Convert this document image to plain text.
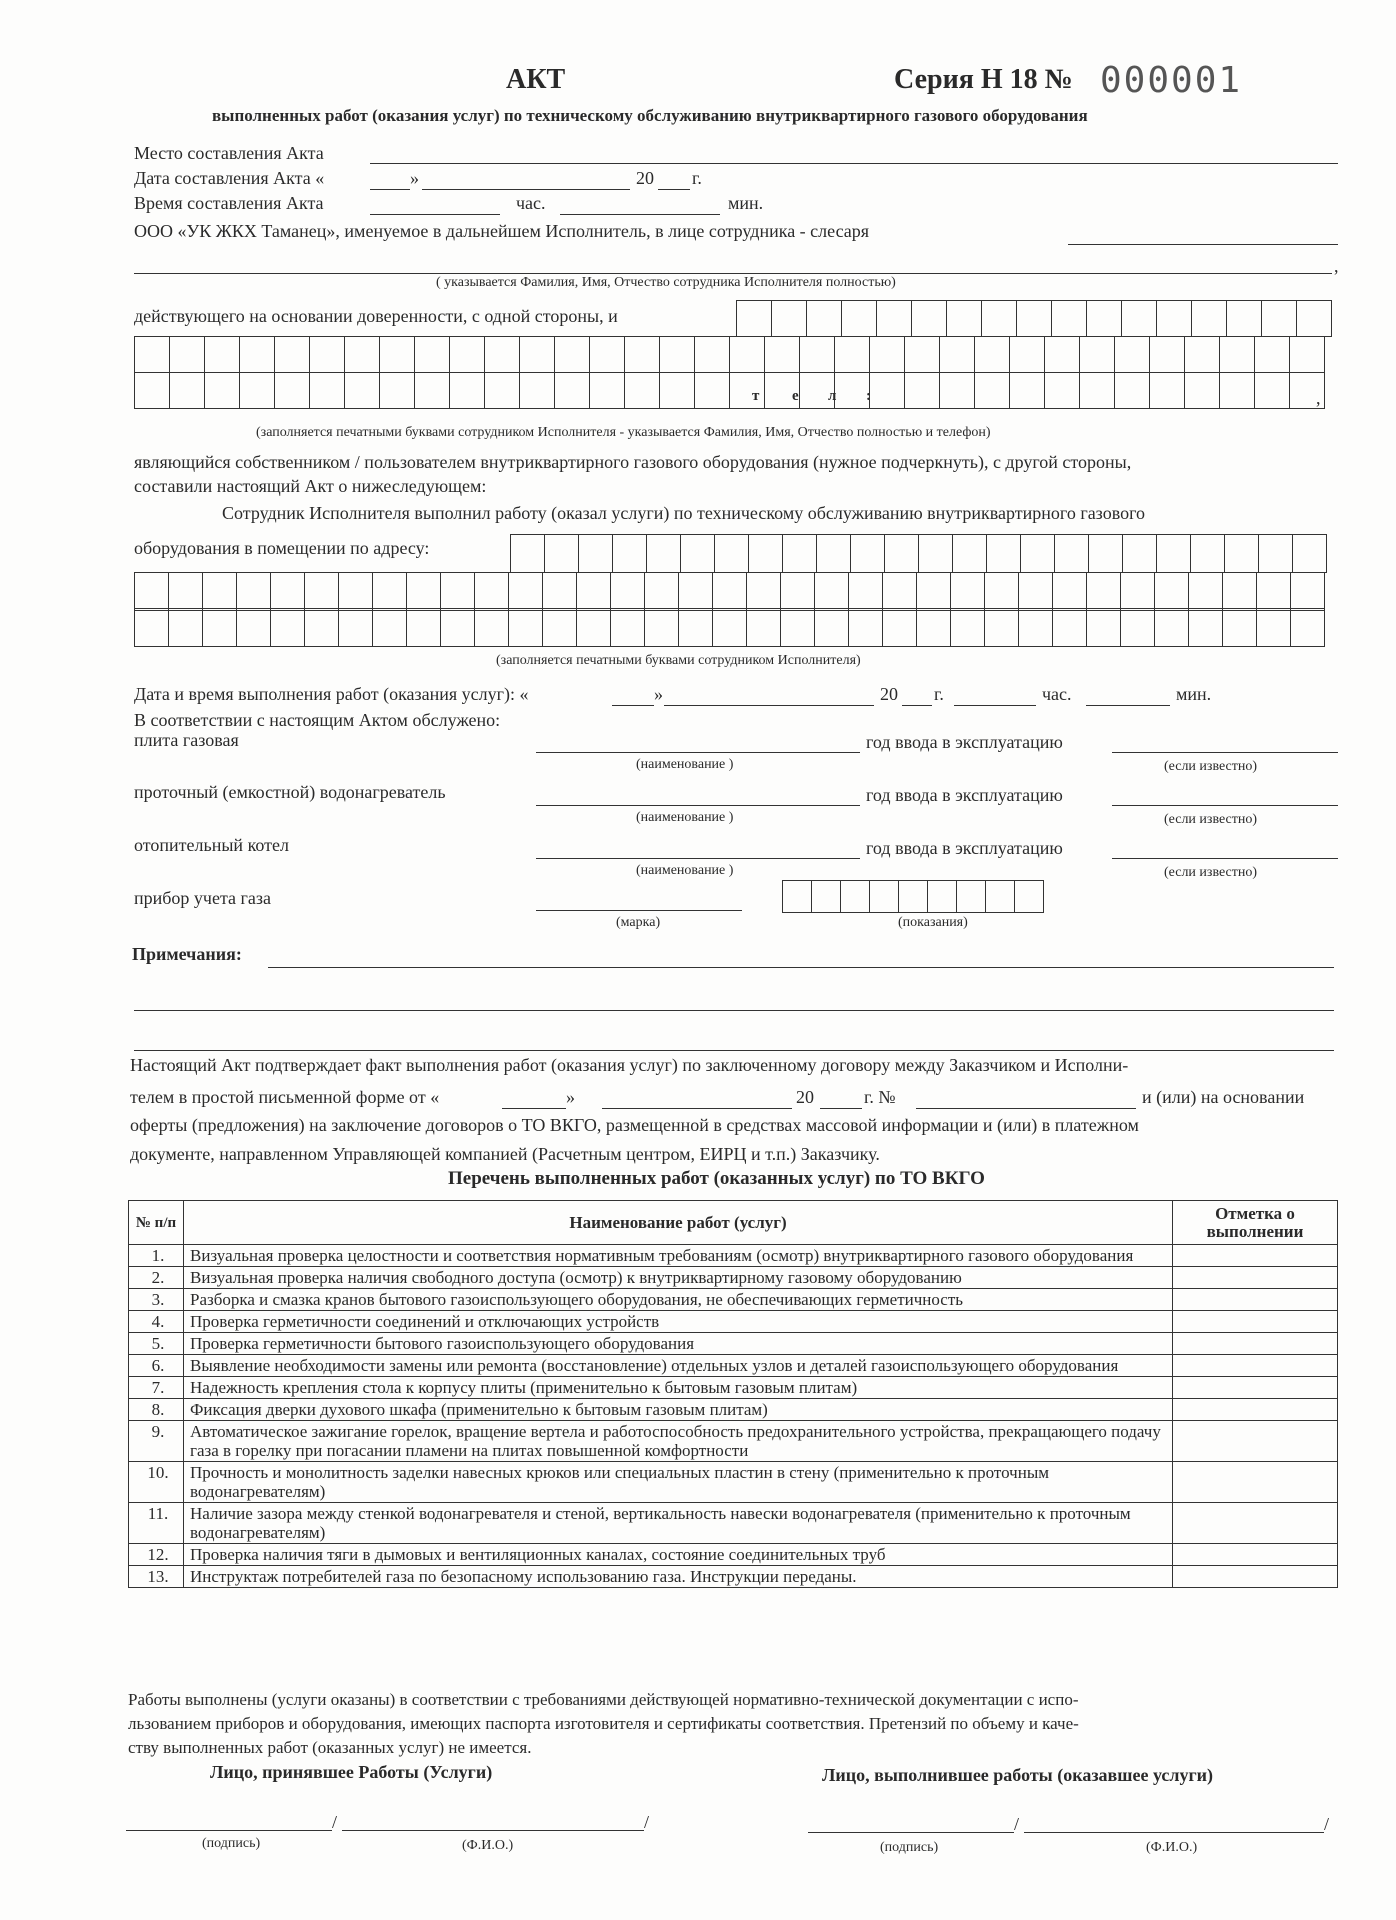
АКТ	Серия Н 18 № 000001
выполненных работ (оказания услуг) по техническому обслуживанию внутриквартирного газового оборудования
Место составления Акта
Дата составления Акта «	»	20 г.
Время составления Акта	час.	мин.
ООО «УК ЖКХ Таманец», именуемое в дальнейшем Исполнитель, в лице сотрудника - слесаря
,
( указывается Фамилия, Имя, Отчество сотрудника Исполнителя полностью)
действующего на основании доверенности, с одной стороны, и

т е л :	,
(заполняется печатными буквами сотрудником Исполнителя - указывается Фамилия, Имя, Отчество полностью и телефон)
являющийся собственником / пользователем внутриквартирного газового оборудования (нужное подчеркнуть), с другой стороны,
составили настоящий Акт о нижеследующем:
Сотрудник Исполнителя выполнил работу (оказал услуги) по техническому обслуживанию внутриквартирного газового
оборудования в помещении по адресу:

(заполняется печатными буквами сотрудником Исполнителя)
Дата и время выполнения работ (оказания услуг): «	»	20 г.	час.	мин.
В соответствии с настоящим Актом обслужено:
плита газовая	год ввода в эксплуатацию
(наименование )	(если известно)
проточный (емкостной) водонагреватель	год ввода в эксплуатацию
(наименование )	(если известно)
отопительный котел	год ввода в эксплуатацию
(наименование )	(если известно)
прибор учета газа

(марка)	(показания)
Примечания:
Настоящий Акт подтверждает факт выполнения работ (оказания услуг) по заключенному договору между Заказчиком и Исполни-
телем в простой письменной форме от «	»	20	г. №	и (или) на основании
оферты (предложения) на заключение договоров о ТО ВКГО, размещенной в средствах массовой информации и (или) в платежном
документе, направленном Управляющей компанией (Расчетным центром, ЕИРЦ и т.п.) Заказчику.
Перечень выполненных работ (оказанных услуг) по ТО ВКГО
№ п/п	Наименование работ (услуг)	Отметка о выполнении
1.	Визуальная проверка целостности и соответствия нормативным требованиям (осмотр) внутриквартирного газового оборудования	
2.	Визуальная проверка наличия свободного доступа (осмотр) к внутриквартирному газовому оборудованию	
3.	Разборка и смазка кранов бытового газоиспользующего оборудования, не обеспечивающих герметичность	
4.	Проверка герметичности соединений и отключающих устройств	
5.	Проверка герметичности бытового газоиспользующего оборудования	
6.	Выявление необходимости замены или ремонта (восстановление) отдельных узлов и деталей газоиспользующего оборудования	
7.	Надежность крепления стола к корпусу плиты (применительно к бытовым газовым плитам)	
8.	Фиксация дверки духового шкафа (применительно к бытовым газовым плитам)	
9.	Автоматическое зажигание горелок, вращение вертела и работоспособность предохранительного устройства, прекращающего подачу газа в горелку при погасании пламени на плитах повышенной комфортности	
10.	Прочность и монолитность заделки навесных крюков или специальных пластин в стену (применительно к проточным водонагревателям)	
11.	Наличие зазора между стенкой водонагревателя и стеной, вертикальность навески водонагревателя (применительно к проточным водонагревателям)	
12.	Проверка наличия тяги в дымовых и вентиляционных каналах, состояние соединительных труб	
13.	Инструктаж потребителей газа по безопасному использованию газа. Инструкции переданы.	
Работы выполнены (услуги оказаны) в соответствии с требованиями действующей нормативно-технической документации с испо-
льзованием приборов и оборудования, имеющих паспорта изготовителя и сертификаты соответствия. Претензий по объему и каче-
ству выполненных работ (оказанных услуг) не имеется.
Лицо, принявшее Работы (Услуги)	Лицо, выполнившее работы (оказавшее услуги)
/	/
(подпись)	(Ф.И.О.)
/	/
(подпись)	(Ф.И.О.)
